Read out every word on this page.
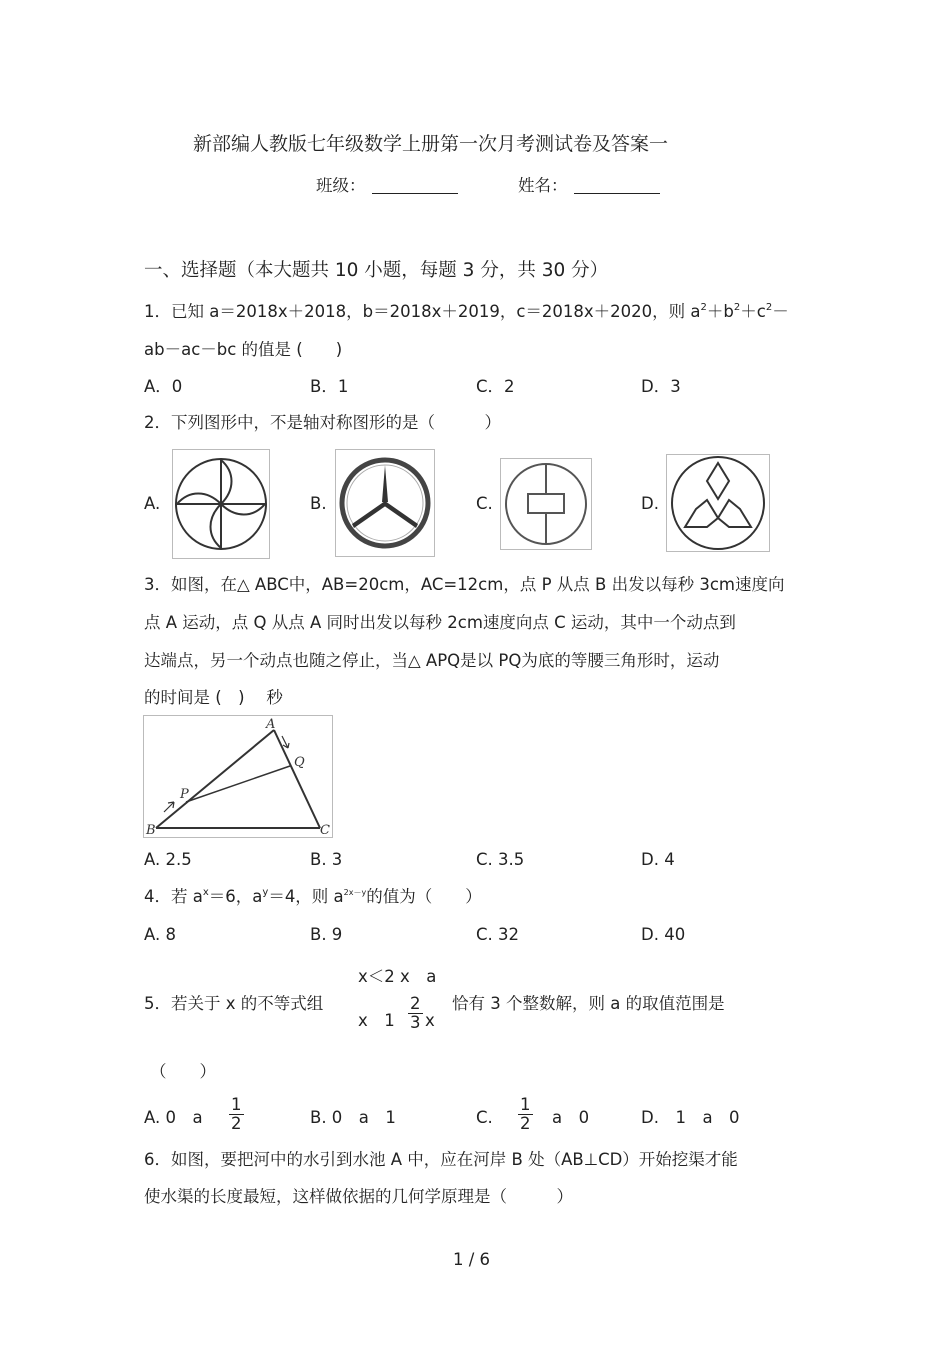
新部编人教版七年级数学上册第一次月考测试卷及答案一
班级：	姓名：
一、选择题（本大题共 10 小题，每题 3 分，共 30 分）
1．已知 a＝2018x＋2018，b＝2018x＋2019，c＝2018x＋2020，则 $a^2+b^2+c^2-$
ab－ac－bc 的值是 (　　)
A．0	B．1	C．2	D．3
2．下列图形中，不是轴对称图形的是（　　　）
A.	B.	C.	D.
3．如图，在△ ABC中，AB=20cm，AC=12cm，点 P 从点 B 出发以每秒 3cm速度向
点 A 运动，点 Q 从点 A 同时出发以每秒 2cm速度向点 C 运动，其中一个动点到
达端点，另一个动点也随之停止，当△ APQ是以 PQ为底的等腰三角形时，运动
的时间是 (　)　 秒
A
B	C
P
Q
A. 2.5	B. 3	C. 3.5	D. 4
4．若 $a^x=6$，$a^y=4$，则 $a^{2x-y}$的值为（　　）
A. 8	B. 9	C. 32	D. 40
x＜2 x　a
5．若关于 x 的不等式组
x　$1 \frac{2}{3}$ x
恰有 3 个整数解，则 a 的取值范围是
（　　）
A. 0　a $\frac{1}{2}$	B. 0　a　1	C. $\frac{1}{2}$ a　0	D.　1　a　0
6．如图，要把河中的水引到水池 A 中，应在河岸 B 处（AB⊥CD）开始挖渠才能
使水渠的长度最短，这样做依据的几何学原理是（　　　）
1 / 6
